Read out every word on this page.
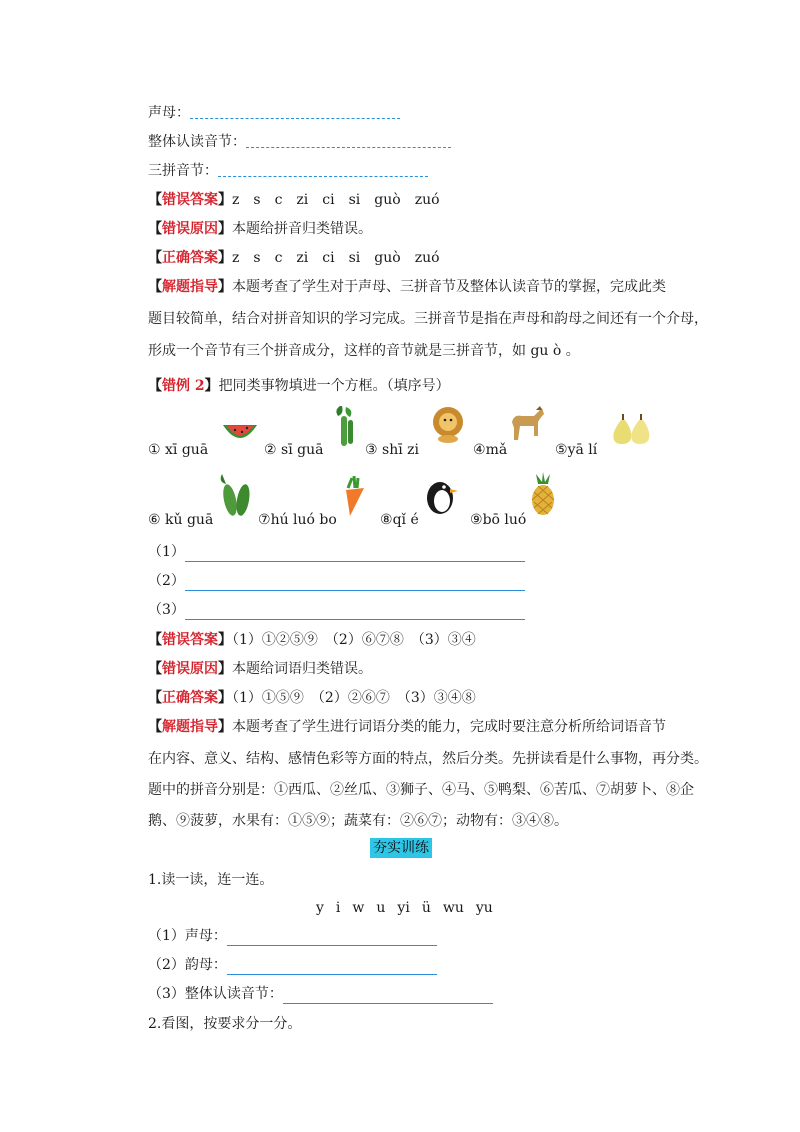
声母：
整体认读音节：
三拼音节：
【错误答案】z s c zi ci si guò zuó
【错误原因】本题给拼音归类错误。
【正确答案】z s c zi ci si guò zuó
【解题指导】本题考查了学生对于声母、三拼音节及整体认读音节的掌握，完成此类
题目较简单，结合对拼音知识的学习完成。三拼音节是指在声母和韵母之间还有一个介母，
形成一个音节有三个拼音成分，这样的音节就是三拼音节，如 gu ò 。
【错例 2】把同类事物填进一个方框。（填序号）
① xī guā	② sī guā	③ shī zi	④mǎ	⑤yā lí
⑥ kǔ guā	⑦hú luó bo	⑧qǐ é	⑨bō luó
（1）
（2）
（3）
【错误答案】（1）①②⑤⑨　（2）⑥⑦⑧　（3）③④
【错误原因】本题给词语归类错误。
【正确答案】（1）①⑤⑨　（2）②⑥⑦　（3）③④⑧
【解题指导】本题考查了学生进行词语分类的能力，完成时要注意分析所给词语音节
在内容、意义、结构、感情色彩等方面的特点，然后分类。先拼读看是什么事物，再分类。
题中的拼音分别是：①西瓜、②丝瓜、③狮子、④马、⑤鸭梨、⑥苦瓜、⑦胡萝卜、⑧企
鹅、⑨菠萝，水果有：①⑤⑨；蔬菜有：②⑥⑦；动物有：③④⑧。
夯实训练
1.读一读，连一连。
y i w u yi ü wu yu
（1）声母：
（2）韵母：
（3）整体认读音节：
2.看图，按要求分一分。
